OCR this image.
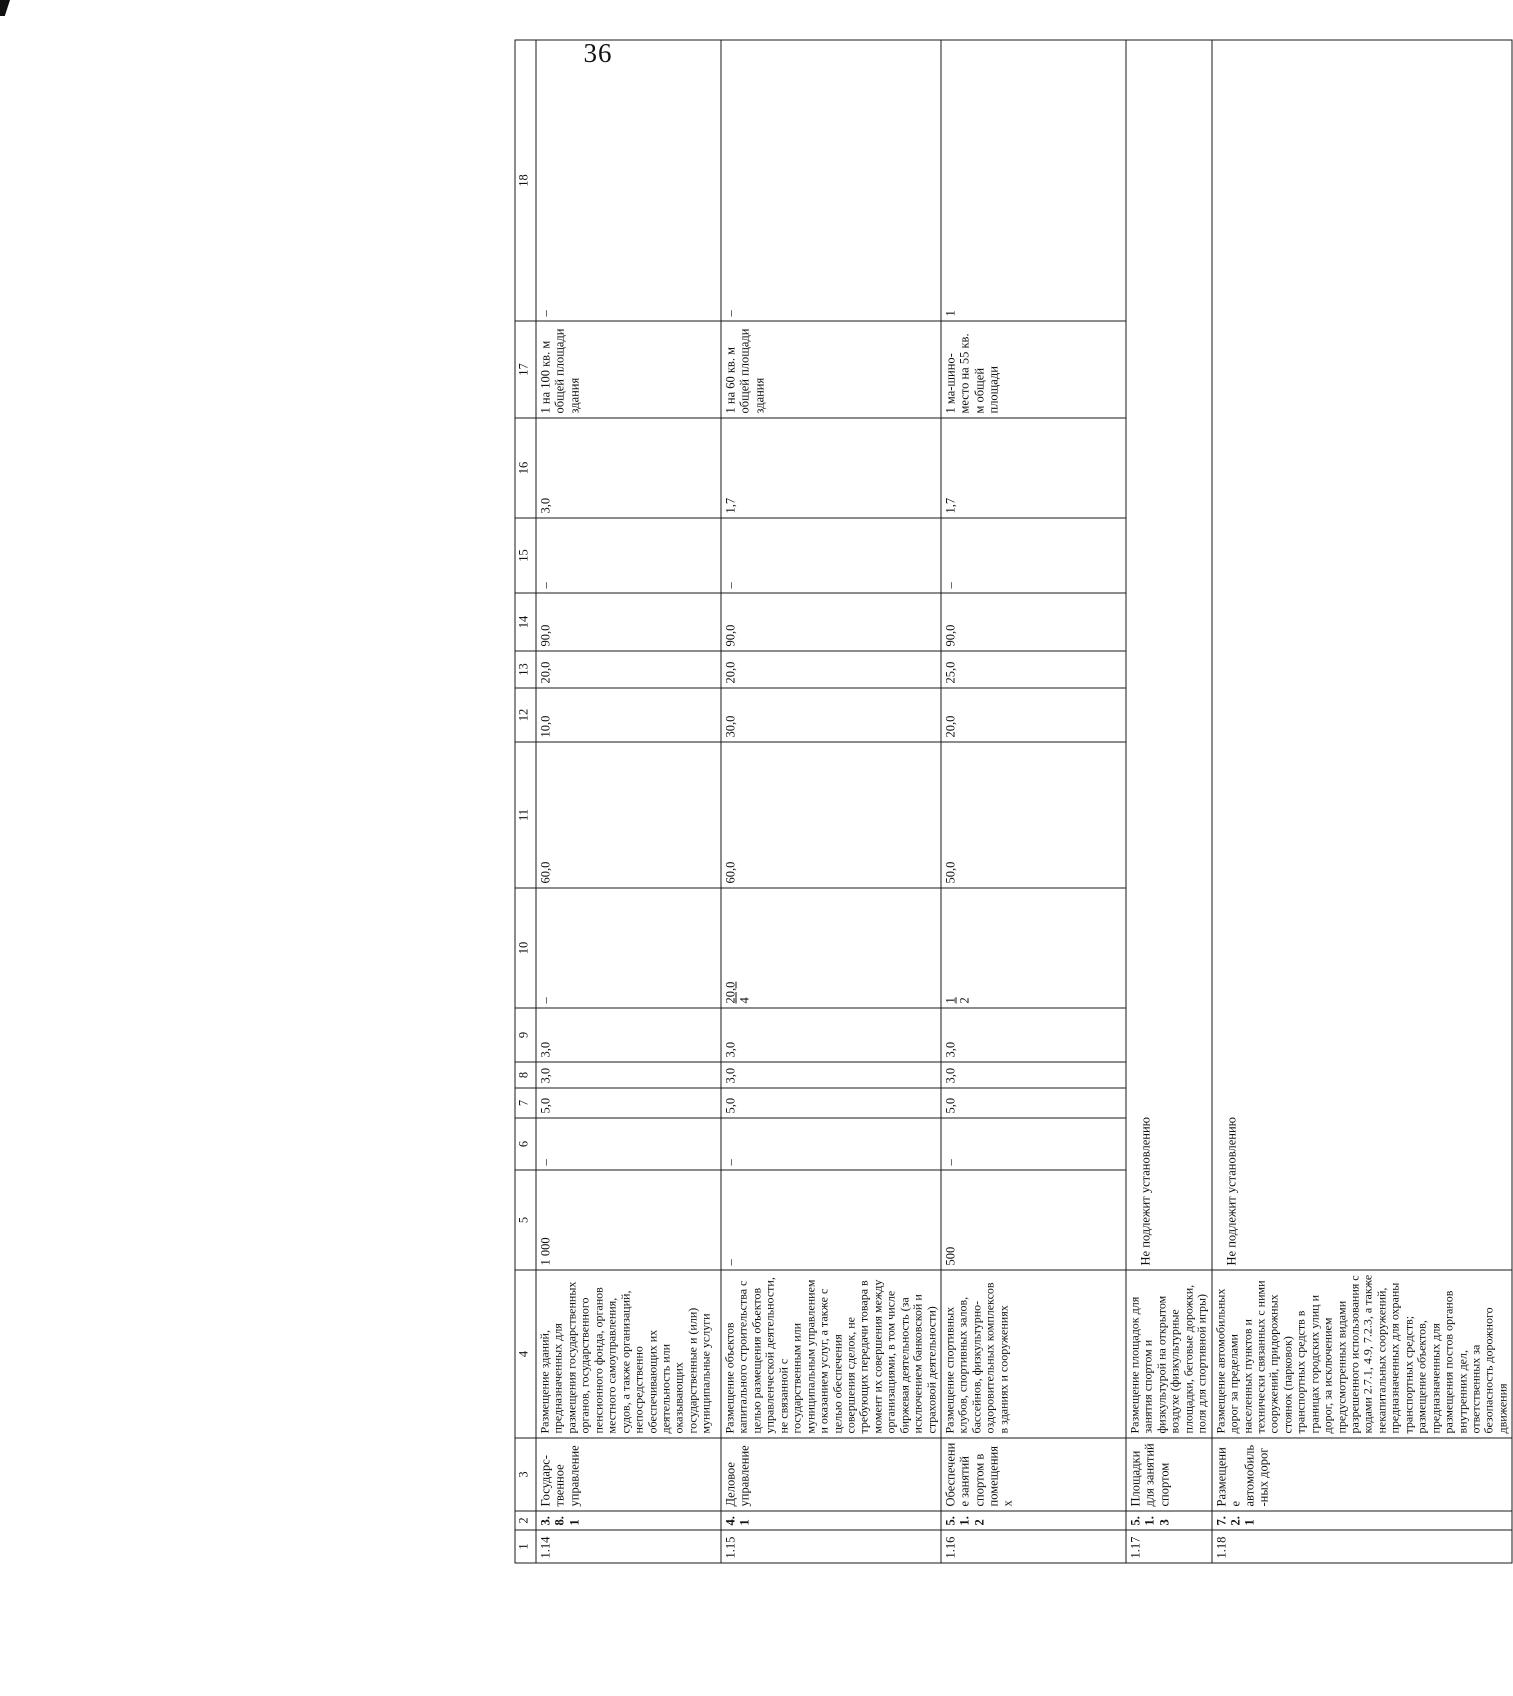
36
1	2	3	4	5	6	7	8	9	10	11	12	13	14	15	16	17	18
1.14	3.8.1	Государс-твенное управление	Размещение зданий, предназначенных для размещения государственных органов, государственного пенсионного фонда, органов местного самоуправления, судов, а также организаций, непосредственно обеспечивающих их деятельность или оказывающих государственные и (или) муниципальные услуги	1 000	–	5,0	3,0	3,0	–	60,0	10,0	20,0	90,0	–	3,0	1 на 100 кв. м общей площади здания	–
1.15	4.1	Деловое управление	Размещение объектов капитального строительства с целью размещения объектов управленческой деятельности, не связанной с государственным или муниципальным управлением и оказанием услуг, а также с целью обеспечения совершения сделок, не требующих передачи товара в момент их совершения между организациями, в том числе биржевая деятельность (за исключением банковской и страховой деятельности)	–	–	5,0	3,0	3,0	20,0 4	60,0	30,0	20,0	90,0	–	1,7	1 на 60 кв. м общей площади здания	–
1.16	5.1.2	Обеспечение занятий спортом в помещениях	Размещение спортивных клубов, спортивных залов, бассейнов, физкультурно-оздоровительных комплексов в зданиях и сооружениях	500	–	5,0	3,0	3,0	1 2	50,0	20,0	25,0	90,0	–	1,7	1 ма-шино-место на 55 кв. м общей площади	1
1.17	5.1.3	Площадки для занятий спортом	Размещение площадок для занятия спортом и физкультурой на открытом воздухе (физкультурные площадки, беговые дорожки, поля для спортивной игры)	Не подлежит установлению													
1.18	7.2.1	Размещение автомобиль-ных дорог	Размещение автомобильных дорог за пределами населенных пунктов и технически связанных с ними сооружений, придорожных стоянок (парковок) транспортных средств в границах городских улиц и дорог, за исключением предусмотренных видами разрешенного использования с кодами 2.7.1, 4.9, 7.2.3, а также некапитальных сооружений, предназначенных для охраны транспортных средств; размещение объектов, предназначенных для размещения постов органов внутренних дел, ответственных за безопасность дорожного движения	Не подлежит установлению													
